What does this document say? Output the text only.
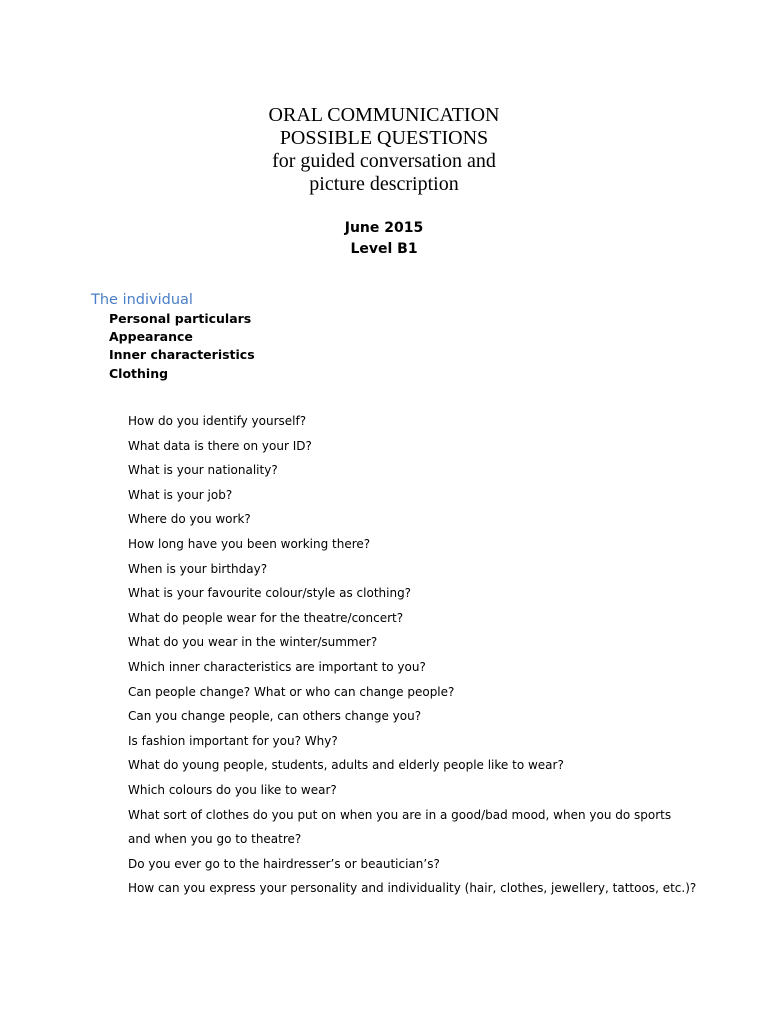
ORAL COMMUNICATION
POSSIBLE QUESTIONS
for guided conversation and
picture description
June 2015
Level B1
The individual
Personal particulars
Appearance
Inner characteristics
Clothing
How do you identify yourself?
What data is there on your ID?
What is your nationality?
What is your job?
Where do you work?
How long have you been working there?
When is your birthday?
What is your favourite colour/style as clothing?
What do people wear for the theatre/concert?
What do you wear in the winter/summer?
Which inner characteristics are important to you?
Can people change? What or who can change people?
Can you change people, can others change you?
Is fashion important for you? Why?
What do young people, students, adults and elderly people like to wear?
Which colours do you like to wear?
What sort of clothes do you put on when you are in a good/bad mood, when you do sports
and when you go to theatre?
Do you ever go to the hairdresser’s or beautician’s?
How can you express your personality and individuality (hair, clothes, jewellery, tattoos, etc.)?
